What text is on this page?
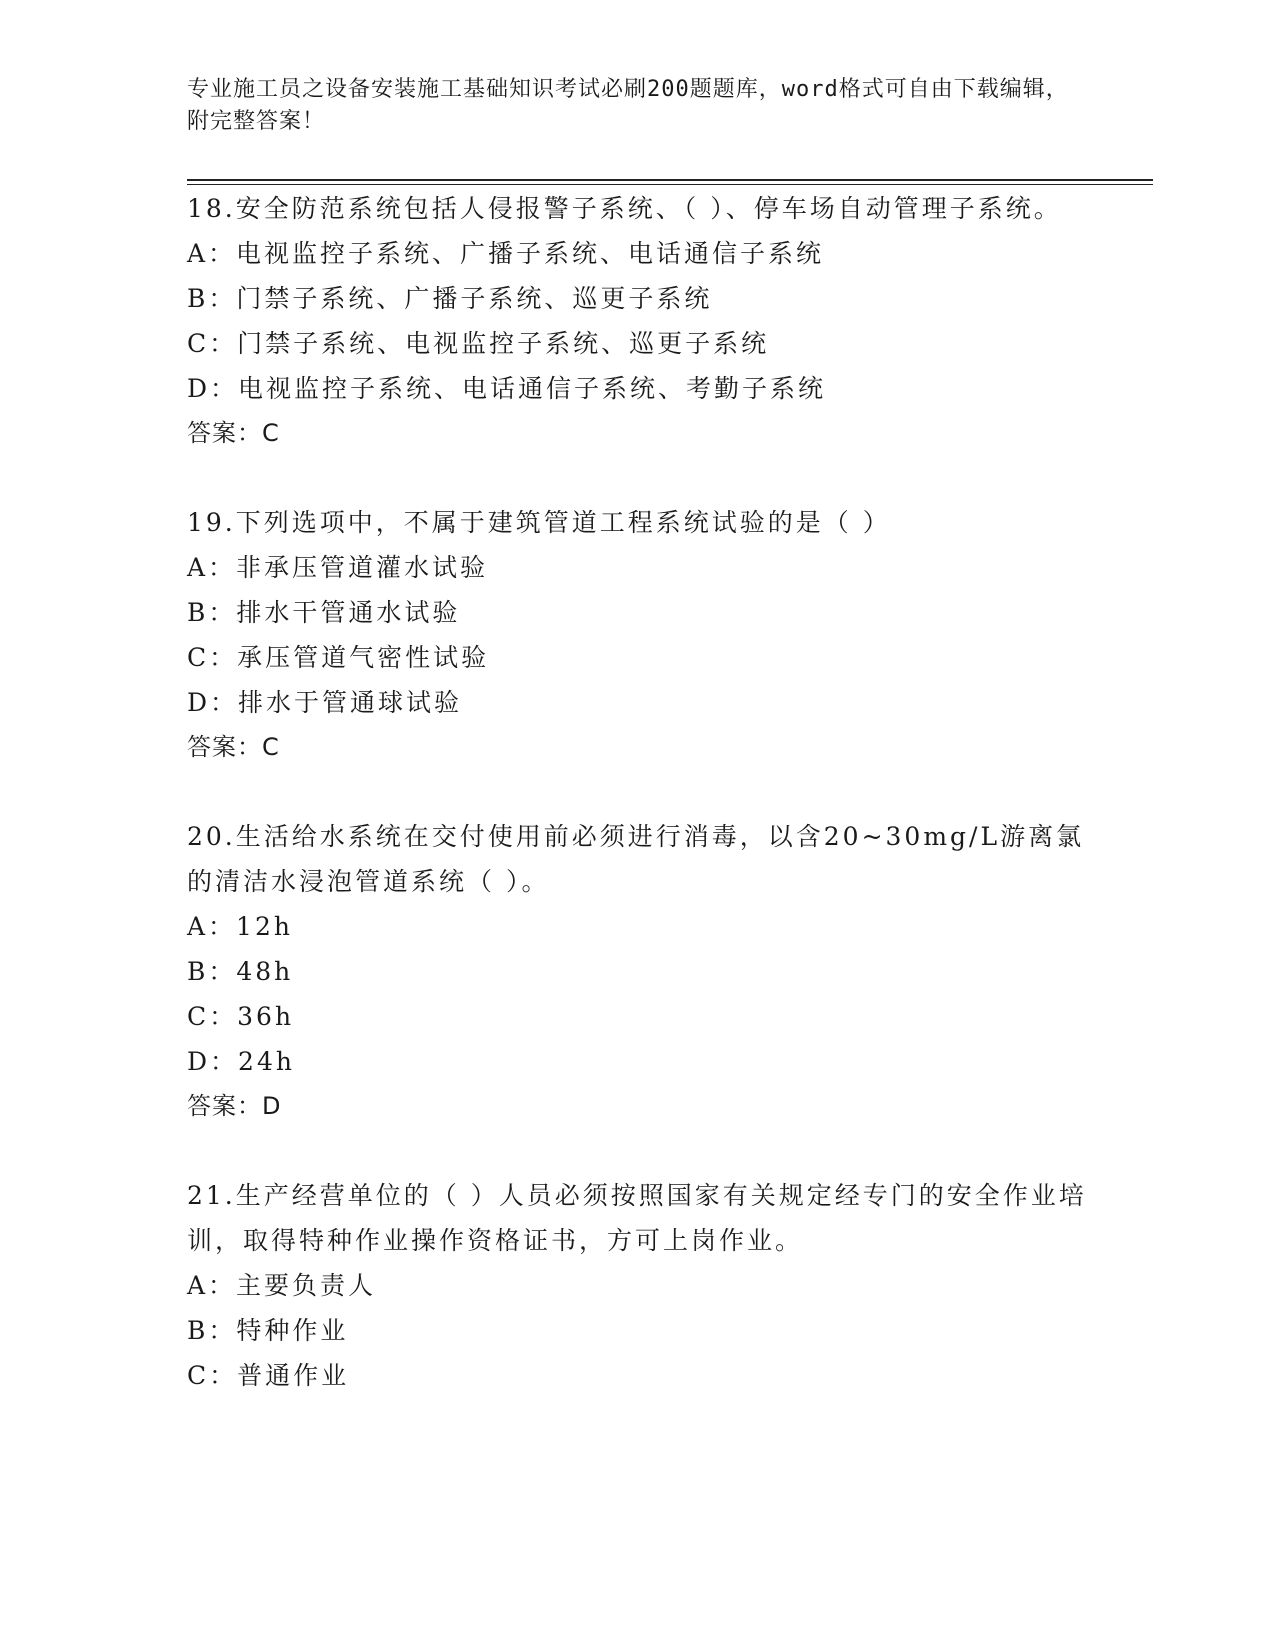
专业施工员之设备安装施工基础知识考试必刷200题题库，word格式可自由下载编辑，附完整答案！
18.安全防范系统包括人侵报警子系统、（ ）、停车场自动管理子系统。
A：电视监控子系统、广播子系统、电话通信子系统
B：门禁子系统、广播子系统、巡更子系统
C：门禁子系统、电视监控子系统、巡更子系统
D：电视监控子系统、电话通信子系统、考勤子系统
答案：C
19.下列选项中，不属于建筑管道工程系统试验的是（ ）
A：非承压管道灌水试验
B：排水干管通水试验
C：承压管道气密性试验
D：排水于管通球试验
答案：C
20.生活给水系统在交付使用前必须进行消毒，以含20~30mg/L游离氯的清洁水浸泡管道系统（ ）。
A：12h
B：48h
C：36h
D：24h
答案：D
21.生产经营单位的（ ）人员必须按照国家有关规定经专门的安全作业培训，取得特种作业操作资格证书，方可上岗作业。
A：主要负责人
B：特种作业
C：普通作业
